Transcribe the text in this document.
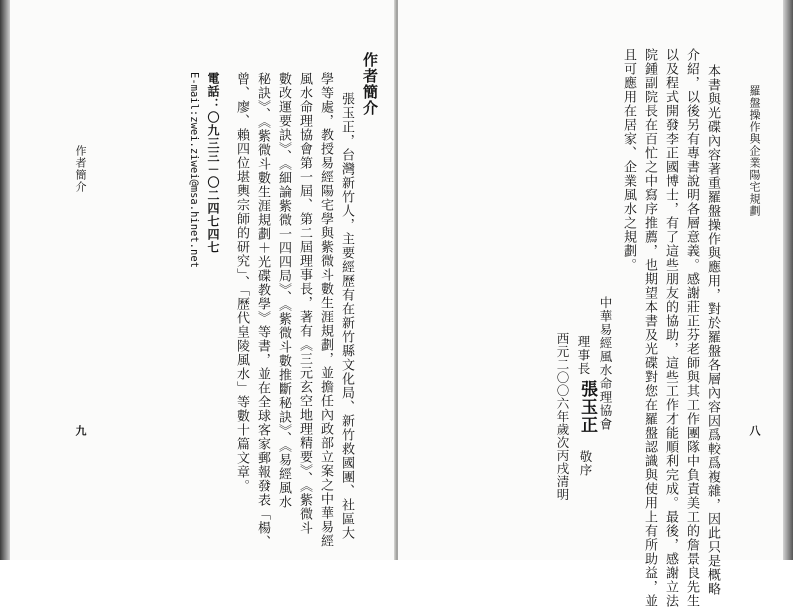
作者簡介
九
作者簡介
張玉正，台灣新竹人，主要經歷有在新竹縣文化局、新竹救國團、社區大
學等處，教授易經陽宅學與紫微斗數生涯規劃，並擔任內政部立案之中華易經
風水命理協會第一屆、第二屆理事長，著有《三元玄空地理精要》、《紫微斗
數改運要訣》、《細論紫微一四四局》、《紫微斗數推斷秘訣》、《易經風水
秘訣》、《紫微斗數生涯規劃＋光碟教學》等書，並在全球客家郵報發表「楊、
曾、廖、賴四位堪輿宗師的研究」、「歷代皇陵風水」等數十篇文章。
電話：〇九三三－〇二四七四七
E-mail:zwei.ziwei@msa.hinet.net	羅盤操作與企業陽宅規劃
八
本書與光碟內容著重羅盤操作與應用，對於羅盤各層內容因爲較爲複雜，因此只是概略
介紹，以後另有專書說明各層意義。感謝莊正芬老師與其工作團隊中負責美工的詹景良先生
以及程式開發李正國博士，有了這些朋友的協助，這些工作才能順利完成。最後，感謝立法
院鍾副院長在百忙之中寫序推薦，也期望本書及光碟對您在羅盤認識與使用上有所助益，並
且可應用在居家、企業風水之規劃。
中華易經風水命理協會
理事長
張玉正
敬序
西元二〇〇六年歲次丙戌清明
